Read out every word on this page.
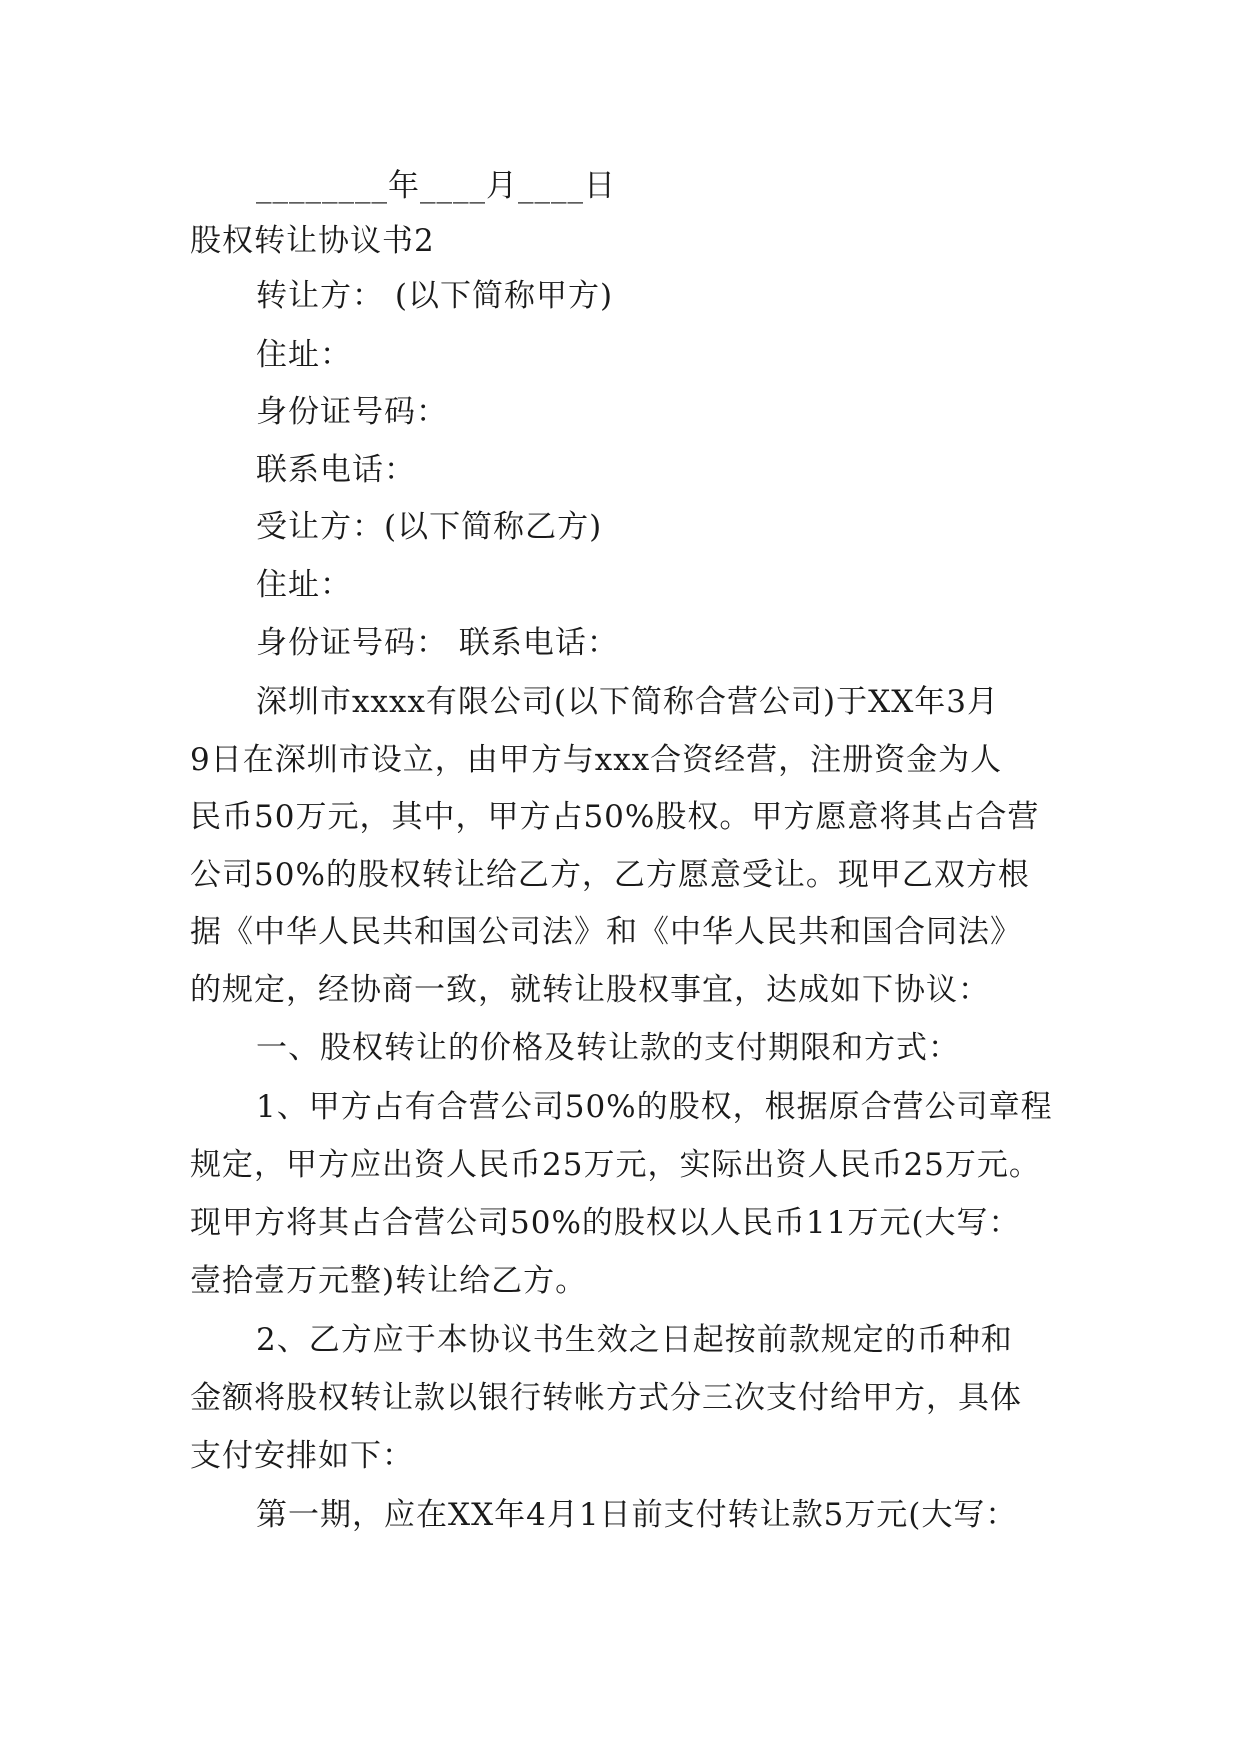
________年____月____日
股权转让协议书2
转让方： (以下简称甲方)
住址：
身份证号码：
联系电话：
受让方：(以下简称乙方)
住址：
身份证号码： 联系电话：
深圳市xxxx有限公司(以下简称合营公司)于XX年3月
9日在深圳市设立，由甲方与xxx合资经营，注册资金为人
民币50万元，其中，甲方占50%股权。甲方愿意将其占合营
公司50%的股权转让给乙方，乙方愿意受让。现甲乙双方根
据《中华人民共和国公司法》和《中华人民共和国合同法》
的规定，经协商一致，就转让股权事宜，达成如下协议：
一、股权转让的价格及转让款的支付期限和方式：
1、甲方占有合营公司50%的股权，根据原合营公司章程
规定，甲方应出资人民币25万元，实际出资人民币25万元。
现甲方将其占合营公司50%的股权以人民币11万元(大写：
壹拾壹万元整)转让给乙方。
2、乙方应于本协议书生效之日起按前款规定的币种和
金额将股权转让款以银行转帐方式分三次支付给甲方，具体
支付安排如下：
第一期，应在XX年4月1日前支付转让款5万元(大写：
